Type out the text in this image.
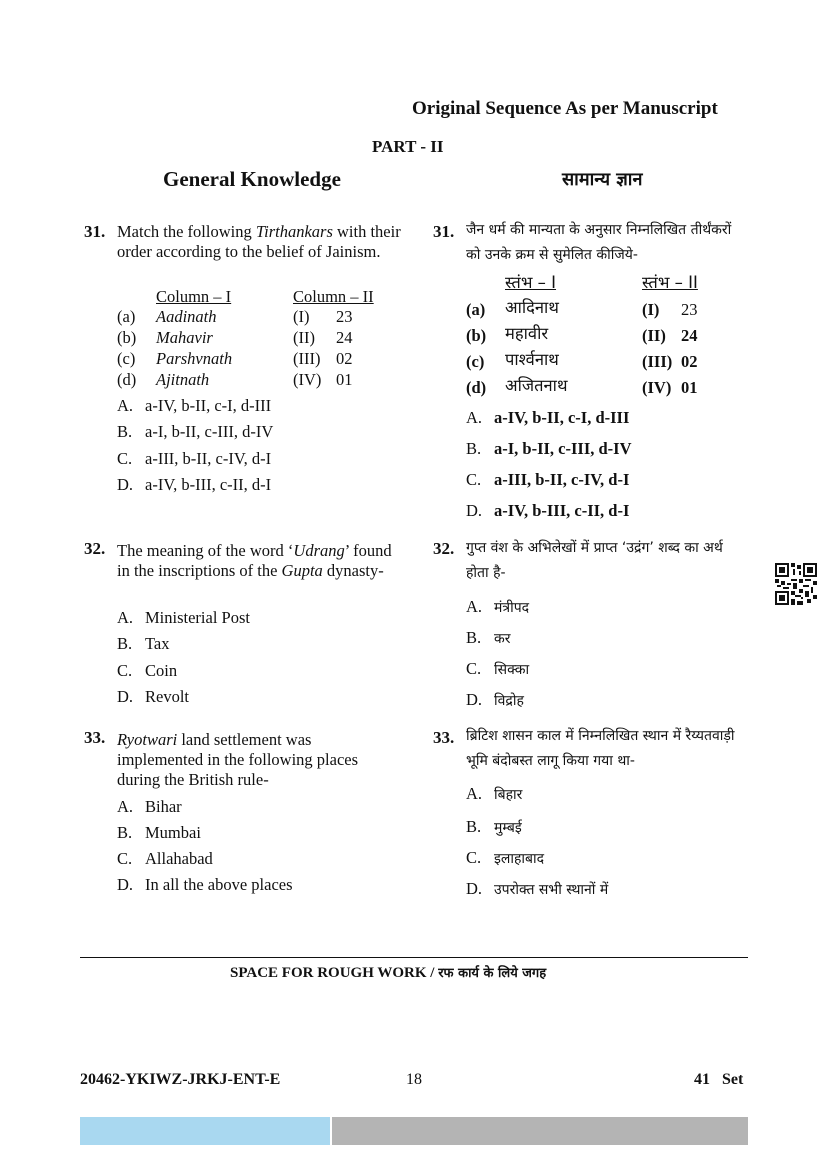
Original Sequence As per Manuscript
PART - II
General Knowledge	सामान्य ज्ञान
31. Match the following Tirthankars with their order according to the belief of Jainism.
Column – I	Column – II
(a) Aadinath	(I) 23
(b) Mahavir	(II) 24
(c) Parshvnath	(III) 02
(d) Ajitnath	(IV) 01
A. a-IV, b-II, c-I, d-III
B. a-I, b-II, c-III, d-IV
C. a-III, b-II, c-IV, d-I
D. a-IV, b-III, c-II, d-I
31. जैन धर्म की मान्यता के अनुसार निम्नलिखित तीर्थंकरों को उनके क्रम से सुमेलित कीजिये-
स्तंभ – I	स्तंभ – II
(a) आदिनाथ	(I) 23
(b) महावीर	(II) 24
(c) पार्श्वनाथ	(III) 02
(d) अजितनाथ	(IV) 01
A. a-IV, b-II, c-I, d-III
B. a-I, b-II, c-III, d-IV
C. a-III, b-II, c-IV, d-I
D. a-IV, b-III, c-II, d-I
32. The meaning of the word ‘Udrang’ found in the inscriptions of the Gupta dynasty-
A. Ministerial Post
B. Tax
C. Coin
D. Revolt
32. गुप्त वंश के अभिलेखों में प्राप्त ‘उद्रंग’ शब्द का अर्थ होता है-
A. मंत्रीपद
B. कर
C. सिक्का
D. विद्रोह
33. Ryotwari land settlement was implemented in the following places during the British rule-
A. Bihar
B. Mumbai
C. Allahabad
D. In all the above places
33. ब्रिटिश शासन काल में निम्नलिखित स्थान में रैय्यतवाड़ी भूमि बंदोबस्त लागू किया गया था-
A. बिहार
B. मुम्बई
C. इलाहाबाद
D. उपरोक्त सभी स्थानों में
SPACE FOR ROUGH WORK / रफ कार्य के लिये जगह
20462-YKIWZ-JRKJ-ENT-E	18	41   Set
